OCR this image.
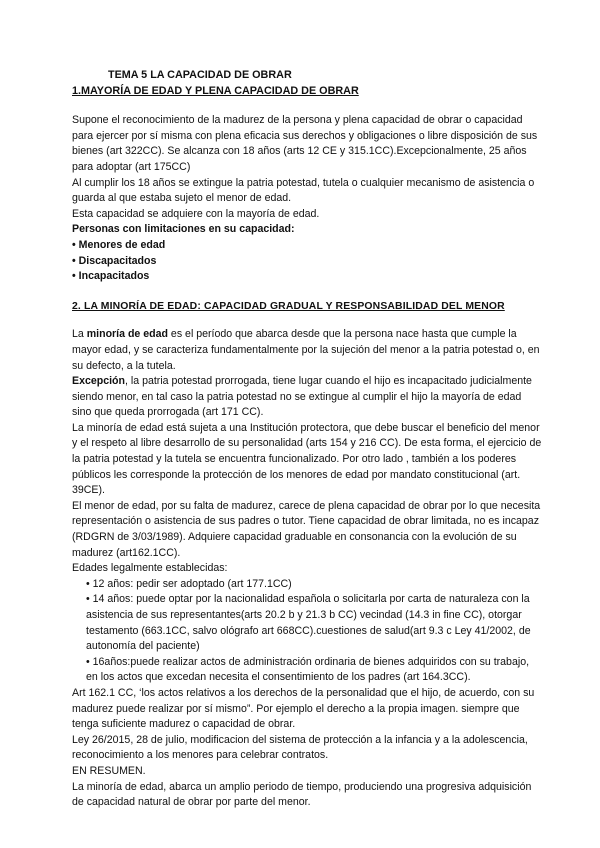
TEMA 5 LA CAPACIDAD DE OBRAR
1.MAYORÍA DE EDAD Y PLENA CAPACIDAD DE OBRAR

Supone el reconocimiento de la madurez de la persona y plena capacidad de obrar o capacidad para ejercer por sí misma con plena eficacia sus derechos y obligaciones o libre disposición de sus bienes (art 322CC). Se alcanza con 18 años (arts 12 CE y 315.1CC).Excepcionalmente, 25 años para adoptar (art 175CC)

Al cumplir los 18 años se extingue la patria potestad, tutela o cualquier mecanismo de asistencia o guarda al que estaba sujeto el menor de edad.

Esta capacidad se adquiere con la mayoría de edad.

Personas con limitaciones en su capacidad:

• Menores de edad
• Discapacitados
• Incapacitados
2. LA MINORÍA DE EDAD: CAPACIDAD GRADUAL Y RESPONSABILIDAD DEL MENOR

La minoría de edad es el período que abarca desde que la persona nace hasta que cumple la mayor edad, y se caracteriza fundamentalmente por la sujeción del menor a la patria potestad o, en su defecto, a la tutela.

Excepción, la patria potestad prorrogada, tiene lugar cuando el hijo es incapacitado judicialmente siendo menor, en tal caso la patria potestad no se extingue al cumplir el hijo la mayoría de edad sino que queda prorrogada (art 171 CC).

La minoría de edad está sujeta a una Institución protectora, que debe buscar el beneficio del menor y el respeto al libre desarrollo de su personalidad (arts 154 y 216 CC). De esta forma, el ejercicio de la patria potestad y la tutela se encuentra funcionalizado. Por otro lado , también a los poderes públicos les corresponde la protección de los menores de edad por mandato constitucional (art. 39CE).

El menor de edad, por su falta de madurez, carece de plena capacidad de obrar por lo que necesita representación o asistencia de sus padres o tutor. Tiene capacidad de obrar limitada, no es incapaz (RDGRN de 3/03/1989). Adquiere capacidad graduable en consonancia con la evolución de su madurez (art162.1CC).

Edades legalmente establecidas:

• 12 años: pedir ser adoptado (art 177.1CC)

• 14 años: puede optar por la nacionalidad española o solicitarla por carta de naturaleza con la asistencia de sus representantes(arts 20.2 b y 21.3 b CC) vecindad (14.3 in fine CC), otorgar testamento (663.1CC, salvo ológrafo art 668CC).cuestiones de salud(art 9.3 c Ley 41/2002, de autonomía del paciente)

• 16años:puede realizar actos de administración ordinaria de bienes adquiridos con su trabajo, en los actos que excedan necesita el consentimiento de los padres (art 164.3CC).

Art 162.1 CC, ‘los actos relativos a los derechos de la personalidad que el hijo, de acuerdo, con su madurez puede realizar por sí mismo”. Por ejemplo el derecho a la propia imagen. siempre que tenga suficiente madurez o capacidad de obrar.

Ley 26/2015, 28 de julio, modificacion del sistema de protección a la infancia y a la adolescencia, reconocimiento a los menores para celebrar contratos.

EN RESUMEN.

La minoría de edad, abarca un amplio periodo de tiempo, produciendo una progresiva adquisición de capacidad natural de obrar por parte del menor.
